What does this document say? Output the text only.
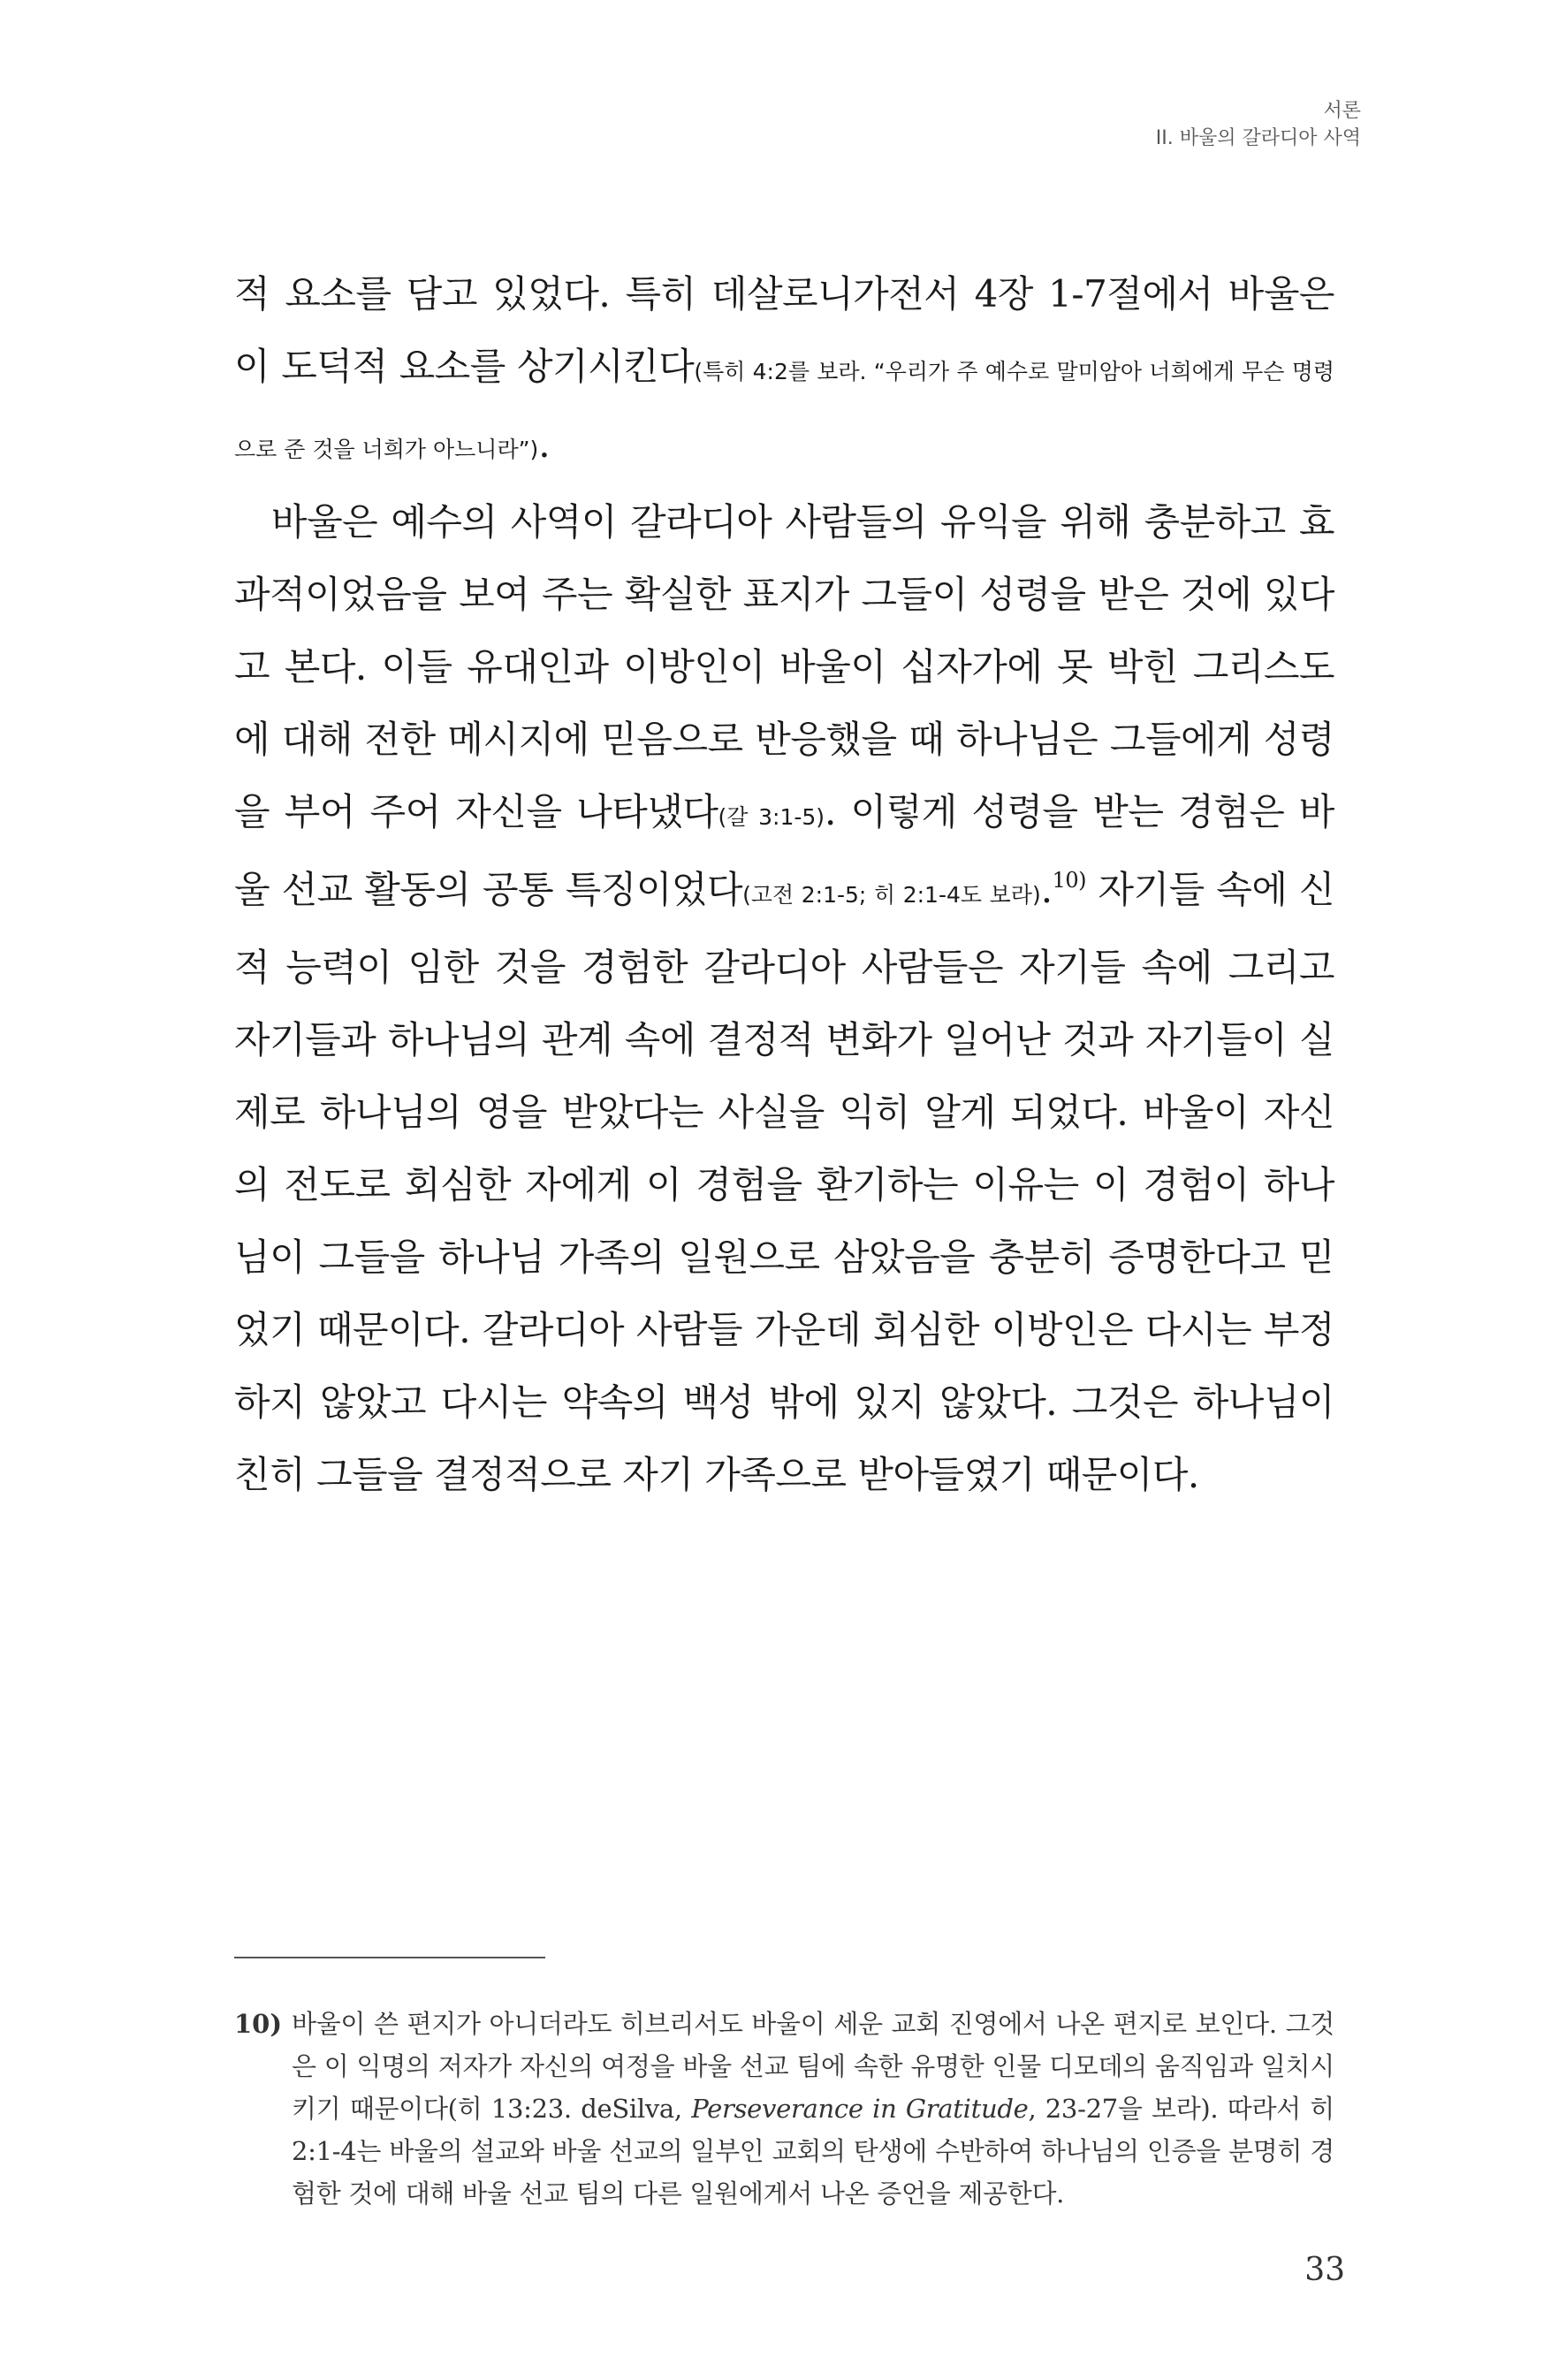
서론
II. 바울의 갈라디아 사역

적 요소를 담고 있었다. 특히 데살로니가전서 4장 1-7절에서 바울은 이 도덕적 요소를 상기시킨다(특히 4:2를 보라. “우리가 주 예수로 말미암아 너희에게 무슨 명령으로 준 것을 너희가 아느니라”).

바울은 예수의 사역이 갈라디아 사람들의 유익을 위해 충분하고 효과적이었음을 보여 주는 확실한 표지가 그들이 성령을 받은 것에 있다고 본다. 이들 유대인과 이방인이 바울이 십자가에 못 박힌 그리스도에 대해 전한 메시지에 믿음으로 반응했을 때 하나님은 그들에게 성령을 부어 주어 자신을 나타냈다(갈 3:1-5). 이렇게 성령을 받는 경험은 바울 선교 활동의 공통 특징이었다(고전 2:1-5; 히 2:1-4도 보라).$^{10)}$ 자기들 속에 신적 능력이 임한 것을 경험한 갈라디아 사람들은 자기들 속에 그리고 자기들과 하나님의 관계 속에 결정적 변화가 일어난 것과 자기들이 실제로 하나님의 영을 받았다는 사실을 익히 알게 되었다. 바울이 자신의 전도로 회심한 자에게 이 경험을 환기하는 이유는 이 경험이 하나님이 그들을 하나님 가족의 일원으로 삼았음을 충분히 증명한다고 믿었기 때문이다. 갈라디아 사람들 가운데 회심한 이방인은 다시는 부정하지 않았고 다시는 약속의 백성 밖에 있지 않았다. 그것은 하나님이 친히 그들을 결정적으로 자기 가족으로 받아들였기 때문이다.

10) 바울이 쓴 편지가 아니더라도 히브리서도 바울이 세운 교회 진영에서 나온 편지로 보인다. 그것은 이 익명의 저자가 자신의 여정을 바울 선교 팀에 속한 유명한 인물 디모데의 움직임과 일치시키기 때문이다(히 13:23. deSilva, Perseverance in Gratitude, 23-27을 보라). 따라서 히 2:1-4는 바울의 설교와 바울 선교의 일부인 교회의 탄생에 수반하여 하나님의 인증을 분명히 경험한 것에 대해 바울 선교 팀의 다른 일원에게서 나온 증언을 제공한다.
33
